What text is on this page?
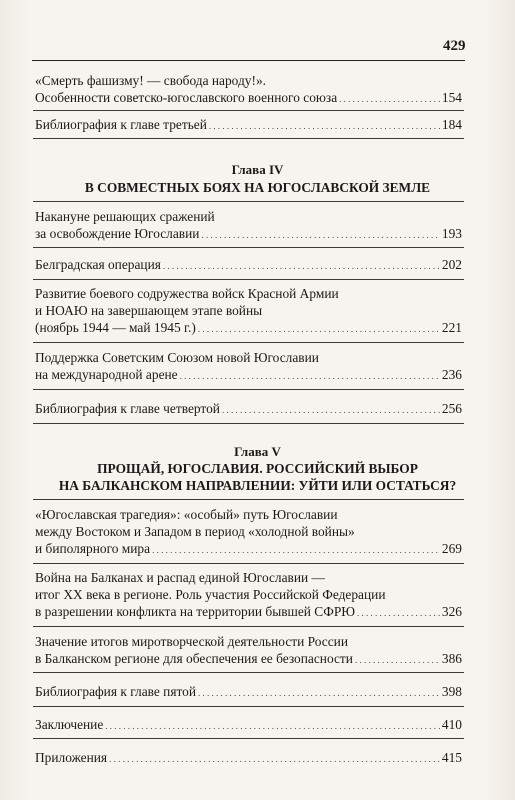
429
«Смерть фашизму! — свобода народу!».
Особенности советско-югославского военного союза . . .	154
Библиография к главе третьей . . .	184
Глава IV
В СОВМЕСТНЫХ БОЯХ НА ЮГОСЛАВСКОЙ ЗЕМЛЕ
Накануне решающих сражений
за освобождение Югославии . . .	193
Белградская операция . . .	202
Развитие боевого содружества войск Красной Армии
и НОАЮ на завершающем этапе войны
(ноябрь 1944 — май 1945 г.) . . .	221
Поддержка Советским Союзом новой Югославии
на международной арене . . .	236
Библиография к главе четвертой . . .	256
Глава V
ПРОЩАЙ, ЮГОСЛАВИЯ. РОССИЙСКИЙ ВЫБОР
НА БАЛКАНСКОМ НАПРАВЛЕНИИ: УЙТИ ИЛИ ОСТАТЬСЯ?
«Югославская трагедия»: «особый» путь Югославии
между Востоком и Западом в период «холодной войны»
и биполярного мира . . .	269
Война на Балканах и распад единой Югославии —
итог XX века в регионе. Роль участия Российской Федерации
в разрешении конфликта на территории бывшей СФРЮ . . .	326
Значение итогов миротворческой деятельности России
в Балканском регионе для обеспечения ее безопасности . . .	386
Библиография к главе пятой . . .	398
Заключение . . .	410
Приложения . . .	415
